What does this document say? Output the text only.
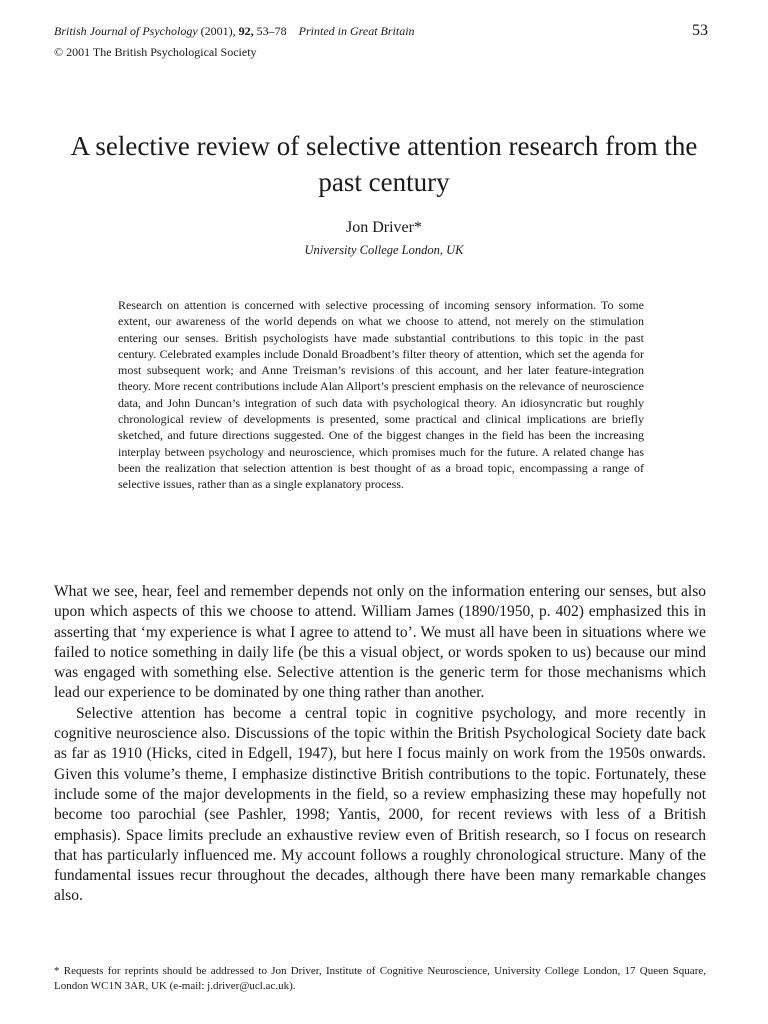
British Journal of Psychology (2001), 92, 53–78 Printed in Great Britain	53
© 2001 The British Psychological Society
A selective review of selective attention research from the past century
Jon Driver*
University College London, UK
Research on attention is concerned with selective processing of incoming sensory information. To some extent, our awareness of the world depends on what we choose to attend, not merely on the stimulation entering our senses. British psychologists have made substantial contributions to this topic in the past century. Celebrated examples include Donald Broadbent’s filter theory of attention, which set the agenda for most subsequent work; and Anne Treisman’s revisions of this account, and her later feature-integration theory. More recent contributions include Alan Allport’s prescient emphasis on the relevance of neuroscience data, and John Duncan’s integration of such data with psychological theory. An idiosyncratic but roughly chronological review of developments is presented, some practical and clinical implications are briefly sketched, and future directions suggested. One of the biggest changes in the field has been the increasing interplay between psychology and neuroscience, which promises much for the future. A related change has been the realization that selection attention is best thought of as a broad topic, encompassing a range of selective issues, rather than as a single explanatory process.

What we see, hear, feel and remember depends not only on the information entering our senses, but also upon which aspects of this we choose to attend. William James (1890/1950, p. 402) emphasized this in asserting that ‘my experience is what I agree to attend to’. We must all have been in situations where we failed to notice something in daily life (be this a visual object, or words spoken to us) because our mind was engaged with something else. Selective attention is the generic term for those mechanisms which lead our experience to be dominated by one thing rather than another.

Selective attention has become a central topic in cognitive psychology, and more recently in cognitive neuroscience also. Discussions of the topic within the British Psychological Society date back as far as 1910 (Hicks, cited in Edgell, 1947), but here I focus mainly on work from the 1950s onwards. Given this volume’s theme, I emphasize distinctive British contributions to the topic. Fortunately, these include some of the major developments in the field, so a review emphasizing these may hopefully not become too parochial (see Pashler, 1998; Yantis, 2000, for recent reviews with less of a British emphasis). Space limits preclude an exhaustive review even of British research, so I focus on research that has particularly influenced me. My account follows a roughly chronological structure. Many of the fundamental issues recur throughout the decades, although there have been many remarkable changes also.

* Requests for reprints should be addressed to Jon Driver, Institute of Cognitive Neuroscience, University College London, 17 Queen Square, London WC1N 3AR, UK (e-mail: j.driver@ucl.ac.uk).
